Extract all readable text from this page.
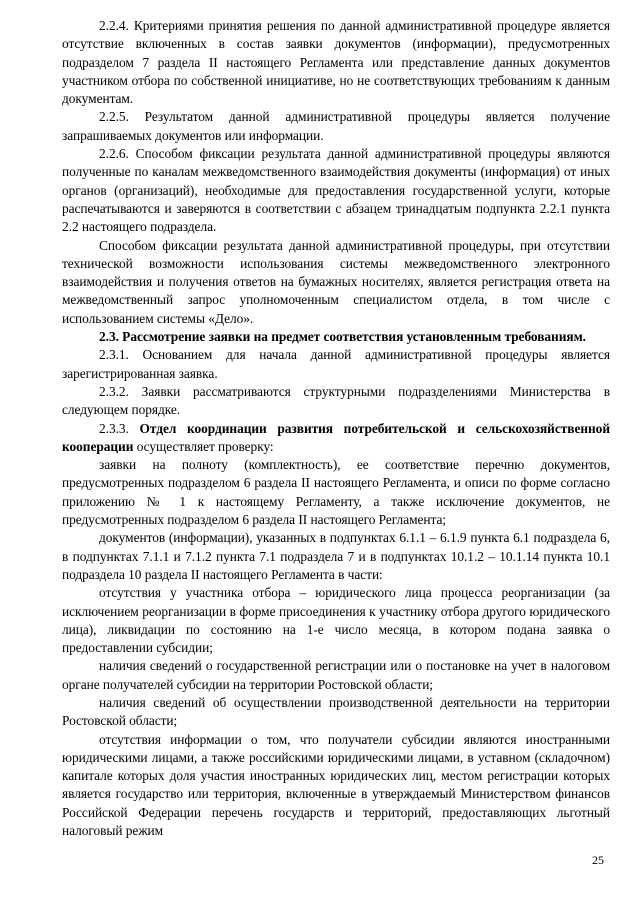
2.2.4. Критериями принятия решения по данной административной процедуре является отсутствие включенных в состав заявки документов (информации), предусмотренных подразделом 7 раздела II настоящего Регламента или представление данных документов участником отбора по собственной инициативе, но не соответствующих требованиям к данным документам.

2.2.5. Результатом данной административной процедуры является получение запрашиваемых документов или информации.

2.2.6. Способом фиксации результата данной административной процедуры являются полученные по каналам межведомственного взаимодействия документы (информация) от иных органов (организаций), необходимые для предоставления государственной услуги, которые распечатываются и заверяются в соответствии с абзацем тринадцатым подпункта 2.2.1 пункта 2.2 настоящего подраздела.

Способом фиксации результата данной административной процедуры, при отсутствии технической возможности использования системы межведомственного электронного взаимодействия и получения ответов на бумажных носителях, является регистрация ответа на межведомственный запрос уполномоченным специалистом отдела, в том числе с использованием системы «Дело».

2.3. Рассмотрение заявки на предмет соответствия установленным требованиям.

2.3.1. Основанием для начала данной административной процедуры является зарегистрированная заявка.

2.3.2. Заявки рассматриваются структурными подразделениями Министерства в следующем порядке.

2.3.3. Отдел координации развития потребительской и сельскохозяйственной кооперации осуществляет проверку:

заявки на полноту (комплектность), ее соответствие перечню документов, предусмотренных подразделом 6 раздела II настоящего Регламента, и описи по форме согласно приложению № 1 к настоящему Регламенту, а также исключение документов, не предусмотренных подразделом 6 раздела II настоящего Регламента;

документов (информации), указанных в подпунктах 6.1.1 – 6.1.9 пункта 6.1 подраздела 6, в подпунктах 7.1.1 и 7.1.2 пункта 7.1 подраздела 7 и в подпунктах 10.1.2 – 10.1.14 пункта 10.1 подраздела 10 раздела II настоящего Регламента в части:

отсутствия у участника отбора – юридического лица процесса реорганизации (за исключением реорганизации в форме присоединения к участнику отбора другого юридического лица), ликвидации по состоянию на 1-е число месяца, в котором подана заявка о предоставлении субсидии;

наличия сведений о государственной регистрации или о постановке на учет в налоговом органе получателей субсидии на территории Ростовской области;

наличия сведений об осуществлении производственной деятельности на территории Ростовской области;

отсутствия информации о том, что получатели субсидии являются иностранными юридическими лицами, а также российскими юридическими лицами, в уставном (складочном) капитале которых доля участия иностранных юридических лиц, местом регистрации которых является государство или территория, включенные в утверждаемый Министерством финансов Российской Федерации перечень государств и территорий, предоставляющих льготный налоговый режим

25
